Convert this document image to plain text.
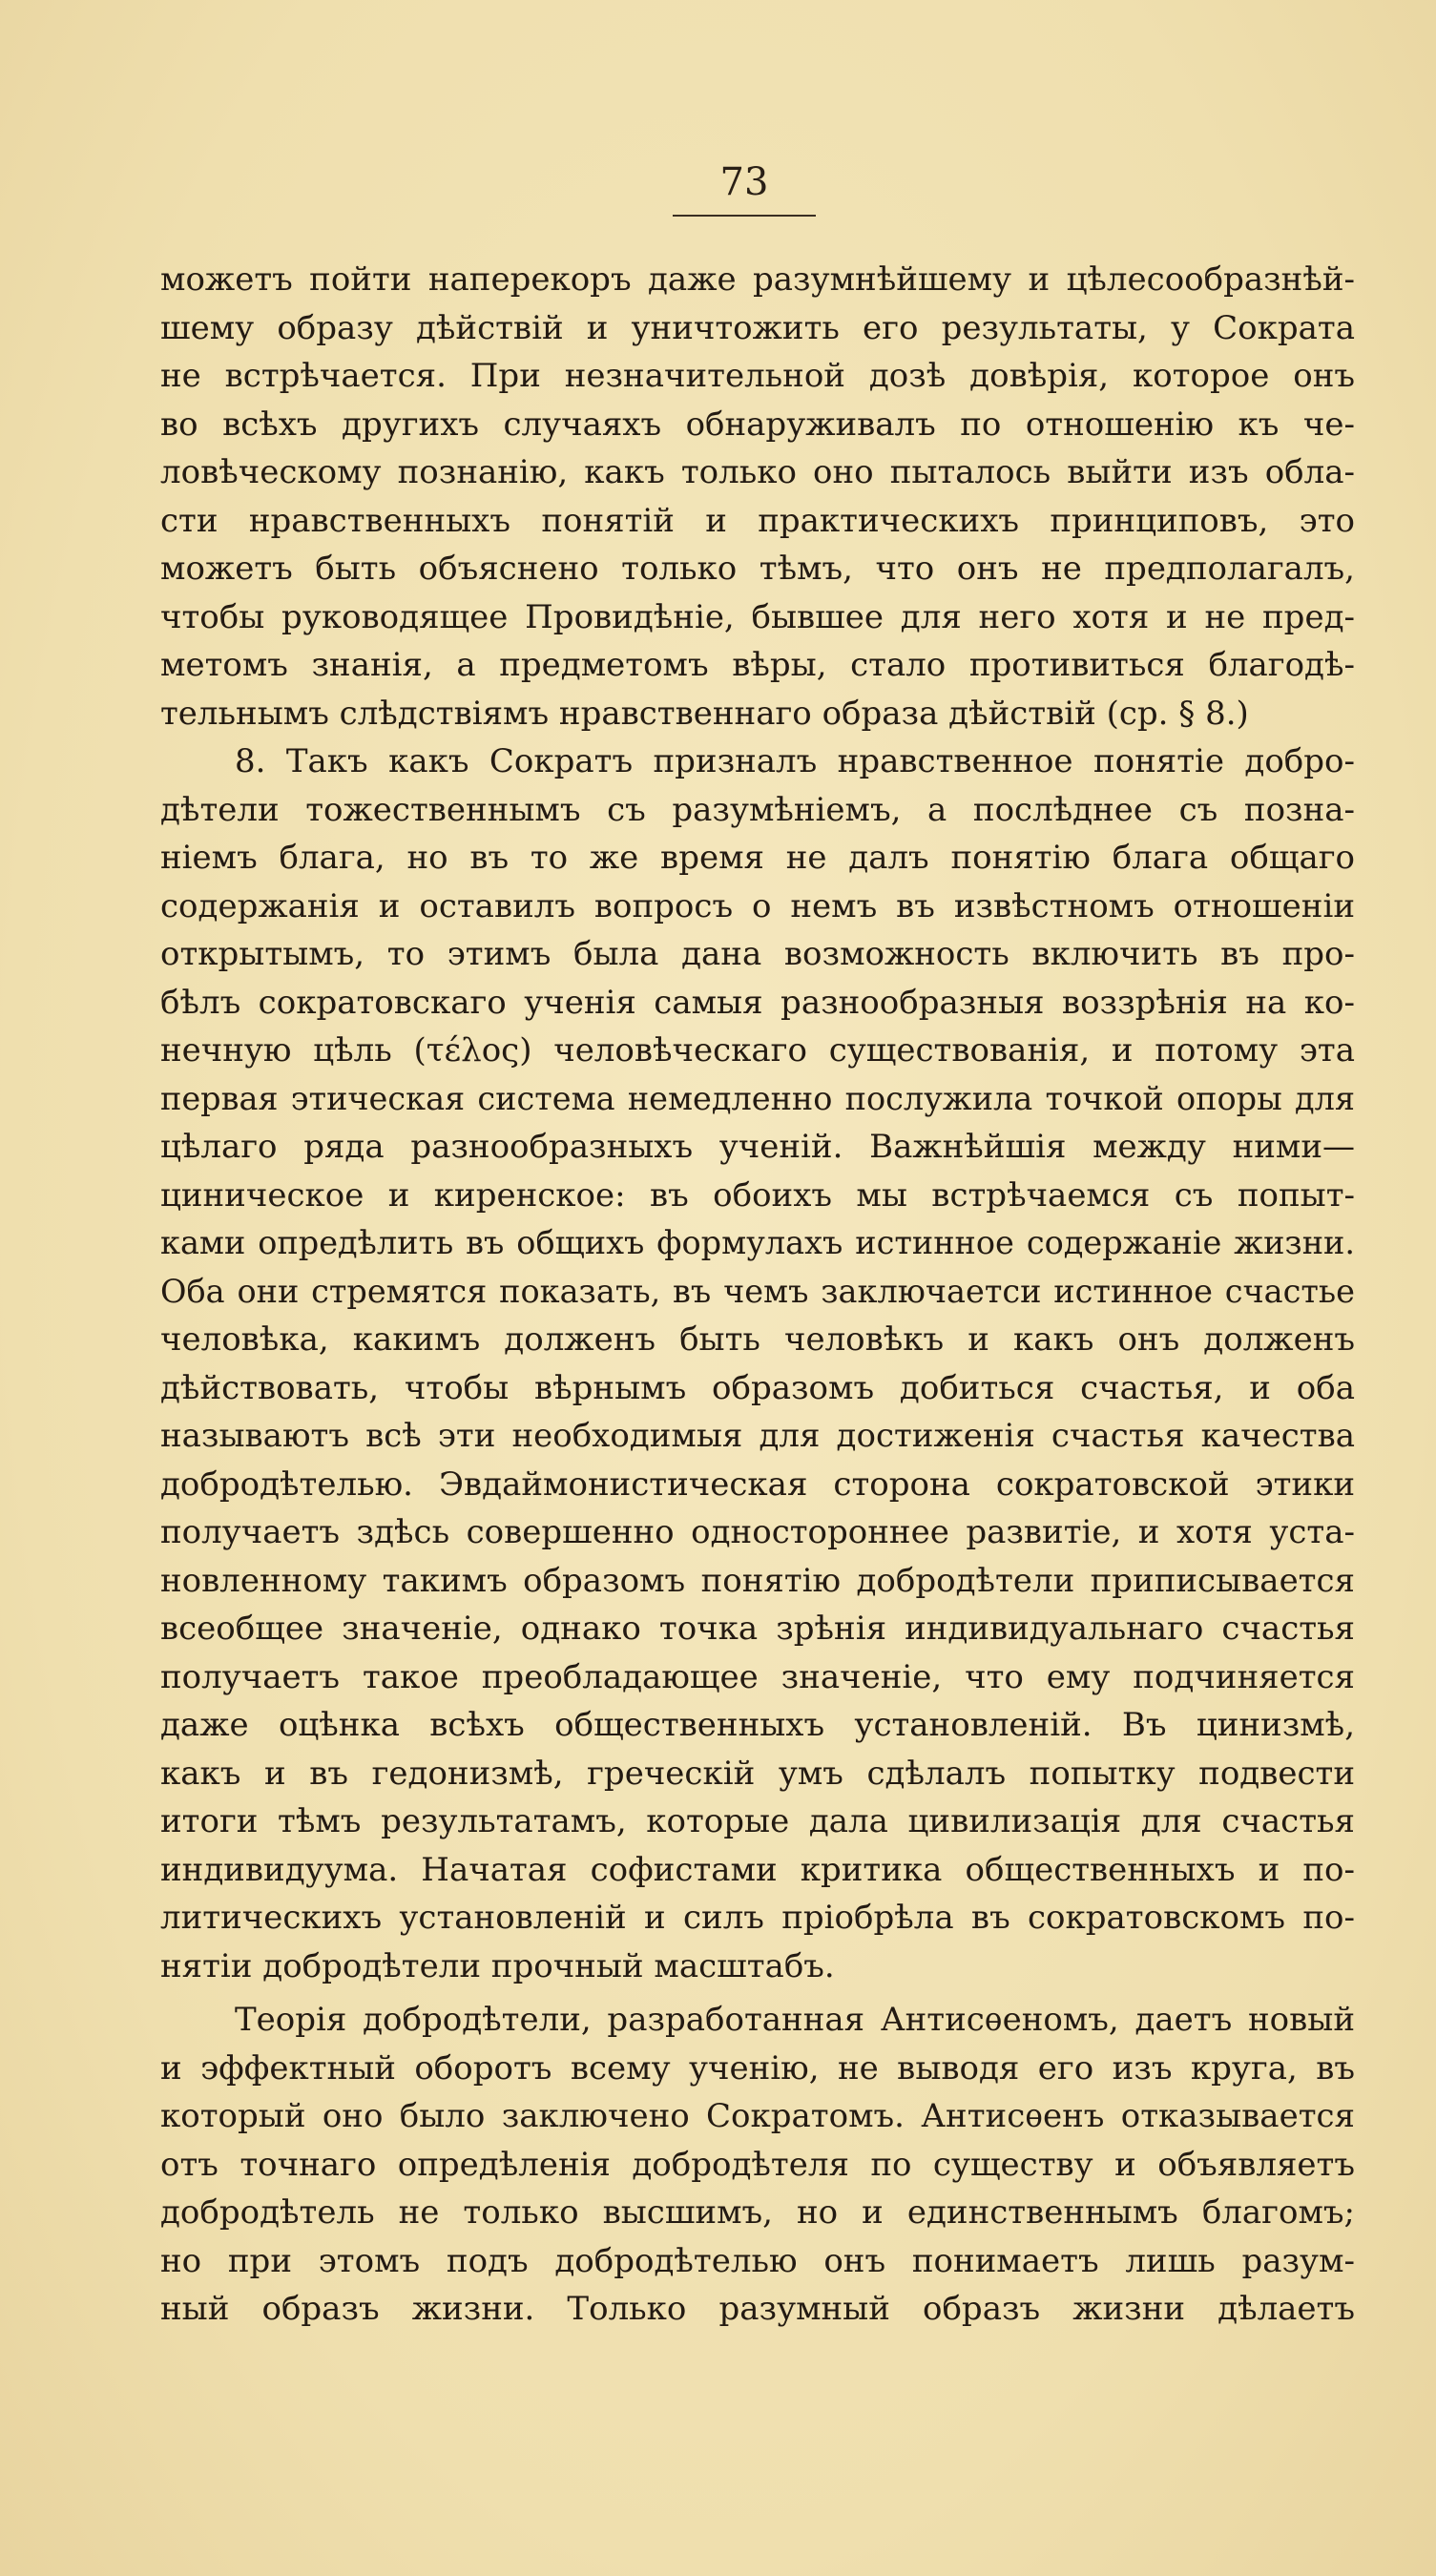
73
можетъ пойти наперекоръ даже разумнѣйшему и цѣлесообразнѣй-
шему образу дѣйствій и уничтожить его результаты, у Сократа
не встрѣчается. При незначительной дозѣ довѣрія, которое онъ
во всѣхъ другихъ случаяхъ обнаруживалъ по отношенію къ че-
ловѣческому познанію, какъ только оно пыталось выйти изъ обла-
сти нравственныхъ понятій и практическихъ принциповъ, это
можетъ быть объяснено только тѣмъ, что онъ не предполагалъ,
чтобы руководящее Провидѣніе, бывшее для него хотя и не пред-
метомъ знанія, а предметомъ вѣры, стало противиться благодѣ-
тельнымъ слѣдствіямъ нравственнаго образа дѣйствій (ср. § 8.)
8. Такъ какъ Сократъ призналъ нравственное понятіе добро-
дѣтели тожественнымъ съ разумѣніемъ, а послѣднее съ позна-
ніемъ блага, но въ то же время не далъ понятію блага общаго
содержанія и оставилъ вопросъ о немъ въ извѣстномъ отношеніи
открытымъ, то этимъ была дана возможность включить въ про-
бѣлъ сократовскаго ученія самыя разнообразныя воззрѣнія на ко-
нечную цѣль (τέλος) человѣческаго существованія, и потому эта
первая этическая система немедленно послужила точкой опоры для
цѣлаго ряда разнообразныхъ ученій. Важнѣйшія между ними—
циническое и киренское: въ обоихъ мы встрѣчаемся съ попыт-
ками опредѣлить въ общихъ формулахъ истинное содержаніе жизни.
Оба они стремятся показать, въ чемъ заключаетси истинное счастье
человѣка, какимъ долженъ быть человѣкъ и какъ онъ долженъ
дѣйствовать, чтобы вѣрнымъ образомъ добиться счастья, и оба
называютъ всѣ эти необходимыя для достиженія счастья качества
добродѣтелью. Эвдаймонистическая сторона сократовской этики
получаетъ здѣсь совершенно одностороннее развитіе, и хотя уста-
новленному такимъ образомъ понятію добродѣтели приписывается
всеобщее значеніе, однако точка зрѣнія индивидуальнаго счастья
получаетъ такое преобладающее значеніе, что ему подчиняется
даже оцѣнка всѣхъ общественныхъ установленій. Въ цинизмѣ,
какъ и въ гедонизмѣ, греческій умъ сдѣлалъ попытку подвести
итоги тѣмъ результатамъ, которые дала цивилизація для счастья
индивидуума. Начатая софистами критика общественныхъ и по-
литическихъ установленій и силъ пріобрѣла въ сократовскомъ по-
нятіи добродѣтели прочный масштабъ.
Теорія добродѣтели, разработанная Антисѳеномъ, даетъ новый
и эффектный оборотъ всему ученію, не выводя его изъ круга, въ
который оно было заключено Сократомъ. Антисѳенъ отказывается
отъ точнаго опредѣленія добродѣтеля по существу и объявляетъ
добродѣтель не только высшимъ, но и единственнымъ благомъ;
но при этомъ подъ добродѣтелью онъ понимаетъ лишь разум-
ный образъ жизни. Только разумный образъ жизни дѣлаетъ
